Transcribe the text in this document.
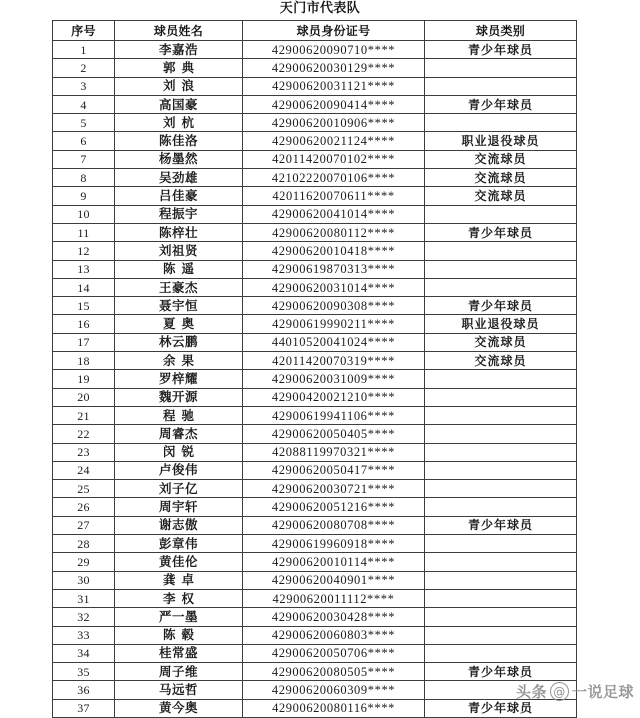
天门市代表队
序号	球员姓名	球员身份证号	球员类别
1	李嘉浩	42900620090710****	青少年球员
2	郭典	42900620030129****	
3	刘浪	42900620031121****	
4	高国豪	42900620090414****	青少年球员
5	刘杭	42900620010906****	
6	陈佳洛	42900620021124****	职业退役球员
7	杨墨然	42011420070102****	交流球员
8	吴劲雄	42102220070106****	交流球员
9	吕佳豪	42011620070611****	交流球员
10	程振宇	42900620041014****	
11	陈梓壮	42900620080112****	青少年球员
12	刘祖贤	42900620010418****	
13	陈遥	42900619870313****	
14	王豪杰	42900620031014****	
15	聂宇恒	42900620090308****	青少年球员
16	夏奥	42900619990211****	职业退役球员
17	林云鹏	44010520041024****	交流球员
18	余果	42011420070319****	交流球员
19	罗梓耀	42900620031009****	
20	魏开源	42900420021210****	
21	程驰	42900619941106****	
22	周睿杰	42900620050405****	
23	闵锐	42088119970321****	
24	卢俊伟	42900620050417****	
25	刘子亿	42900620030721****	
26	周宇轩	42900620051216****	
27	谢志傲	42900620080708****	青少年球员
28	彭章伟	42900619960918****	
29	黄佳伦	42900620010114****	
30	龚卓	42900620040901****	
31	李权	42900620011112****	
32	严一墨	42900620030428****	
33	陈毂	42900620060803****	
34	桂常盛	42900620050706****	
35	周子维	42900620080505****	青少年球员
36	马远哲	42900620060309****	
37	黄今奥	42900620080116****	青少年球员
头条 @ 一说足球
